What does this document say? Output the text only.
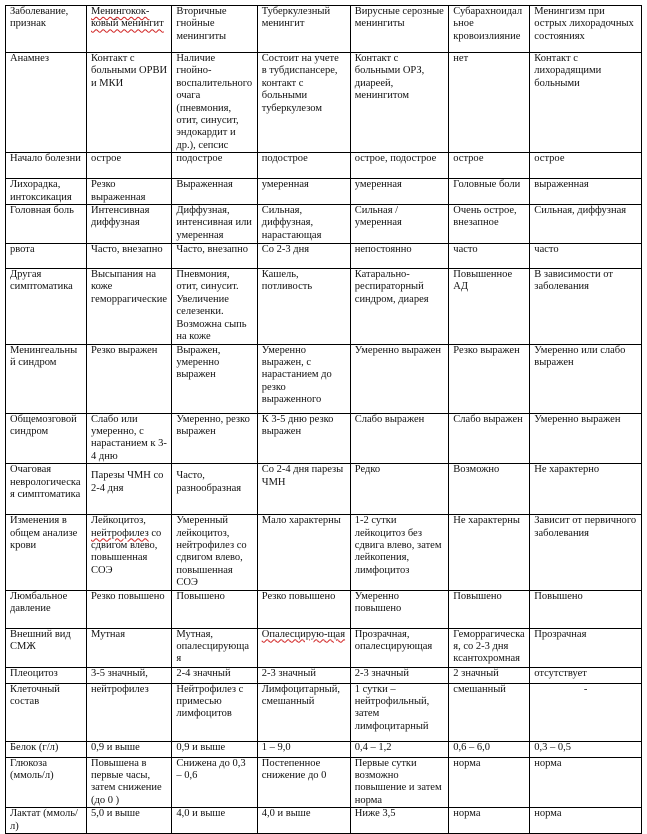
Заболевание, признак	Менингокок-ковый менингит	Вторичные гнойные менингиты	Туберкулезный менингит	Вирусные серозные менингиты	Субарахноидальное кровоизлияние	Менингизм при острых лихорадочных состояниях
Анамнез	Контакт с больными ОРВИ и МКИ	Наличие гнойно-воспалительного очага (пневмония, отит, синусит, эндокардит и др.), сепсис	Состоит на учете в тубдиспансере, контакт с больными туберкулезом	Контакт с больными ОРЗ, диареей, менингитом	нет	Контакт с лихорадящими больными
Начало болезни	острое	подострое	подострое	острое, подострое	острое	острое
Лихорадка, интоксикация	Резко выраженная	Выраженная	умеренная	умеренная	Головные боли	выраженная
Головная боль	Интенсивная диффузная	Диффузная, интенсивная или умеренная	Сильная, диффузная, нарастающая	Сильная / умеренная	Очень острое, внезапное	Сильная, диффузная
рвота	Часто, внезапно	Часто, внезапно	Со 2-3 дня	непостоянно	часто	часто
Другая симптоматика	Высыпания на коже геморрагические	Пневмония, отит, синусит. Увеличение селезенки. Возможна сыпь на коже	Кашель, потливость	Катарально-респираторный синдром, диарея	Повышенное АД	В зависимости от заболевания
Менингеальный синдром	Резко выражен	Выражен, умеренно выражен	Умеренно выражен, с нарастанием до резко выраженного	Умеренно выражен	Резко выражен	Умеренно или слабо выражен
Общемозговой синдром	Слабо или умеренно, с нарастанием к 3-4 дню	Умеренно, резко выражен	К 3-5 дню резко выражен	Слабо выражен	Слабо выражен	Умеренно выражен
Очаговая неврологическая симптоматика	Парезы ЧМН со 2-4 дня	Часто, разнообразная	Со 2-4 дня парезы ЧМН	Редко	Возможно	Не характерно
Изменения в общем анализе крови	Лейкоцитоз, нейтрофилез со сдвигом влево, повышенная СОЭ	Умеренный лейкоцитоз, нейтрофилез со сдвигом влево, повышенная СОЭ	Мало характерны	1-2 сутки лейкоцитоз без сдвига влево, затем лейкопения, лимфоцитоз	Не характерны	Зависит от первичного заболевания
Люмбальное давление	Резко повышено	Повышено	Резко повышено	Умеренно повышено	Повышено	Повышено
Внешний вид СМЖ	Мутная	Мутная, опалесцирующая	Опалесцирую-щая	Прозрачная, опалесцирующая	Геморрагическая, со 2-3 дня ксантохромная	Прозрачная
Плеоцитоз	3-5 значный,	2-4 значный	2-3 значный	2-3 значный	2 значный	отсутствует
Клеточный состав	нейтрофилез	Нейтрофилез с примесью лимфоцитов	Лимфоцитарный, смешанный	1 сутки – нейтрофильный, затем лимфоцитарный	смешанный	-
Белок (г/л)	0,9 и выше	0,9 и выше	1 – 9,0	0,4 – 1,2	0,6 – 6,0	0,3 – 0,5
Глюкоза (ммоль/л)	Повышена в первые часы, затем снижение (до 0 )	Снижена до 0,3 – 0,6	Постепенное снижение до 0	Первые сутки возможно повышение и затем норма	норма	норма
Лактат (ммоль/л)	5,0 и выше	4,0 и выше	4,0 и выше	Ниже 3,5	норма	норма
